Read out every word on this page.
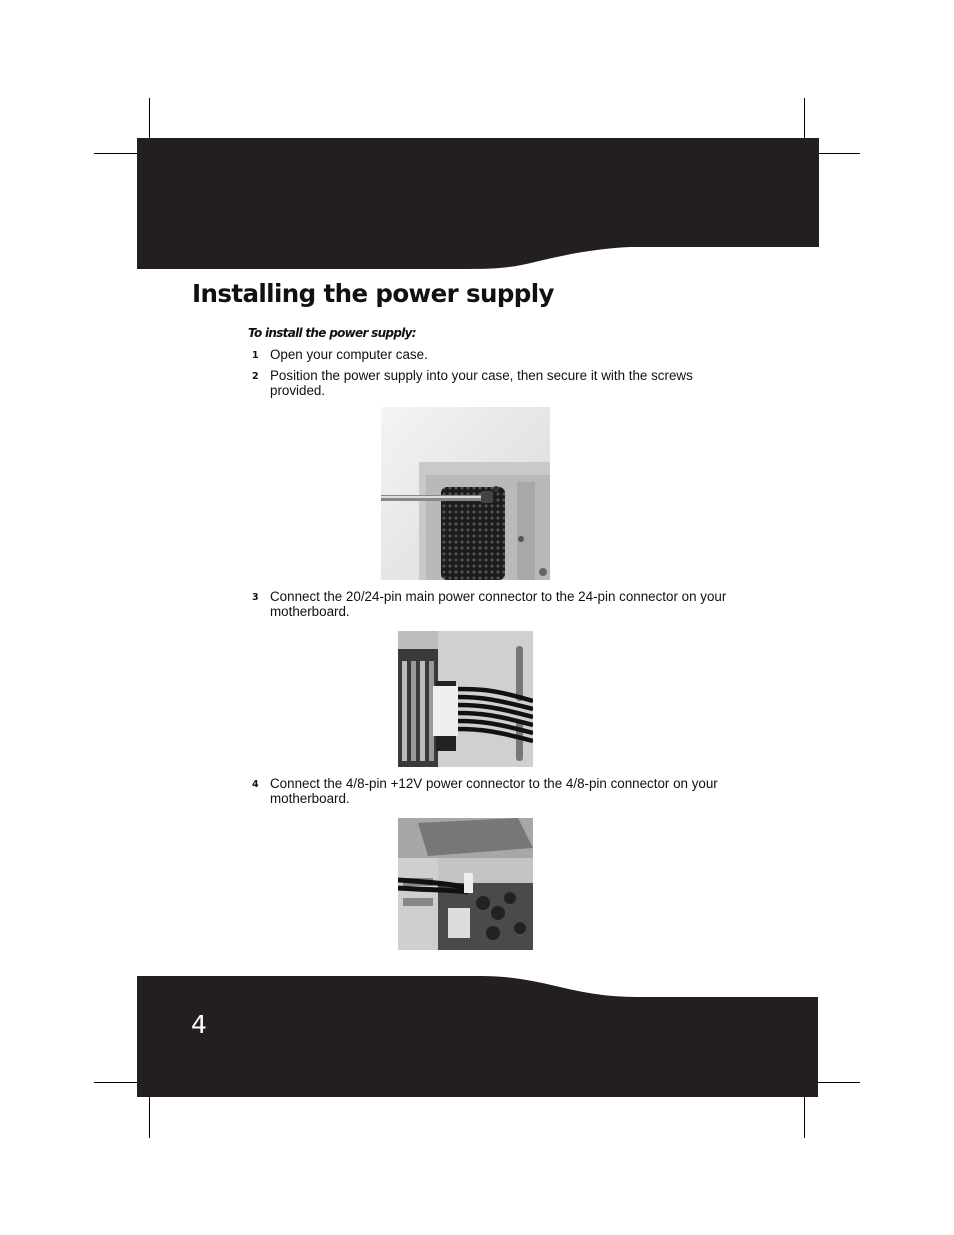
Installing the power supply
To install the power supply:
1 Open your computer case.
2 Position the power supply into your case, then secure it with the screws provided.
3 Connect the 20/24-pin main power connector to the 24-pin connector on your motherboard.
4 Connect the 4/8-pin +12V power connector to the 4/8-pin connector on your motherboard.
4
